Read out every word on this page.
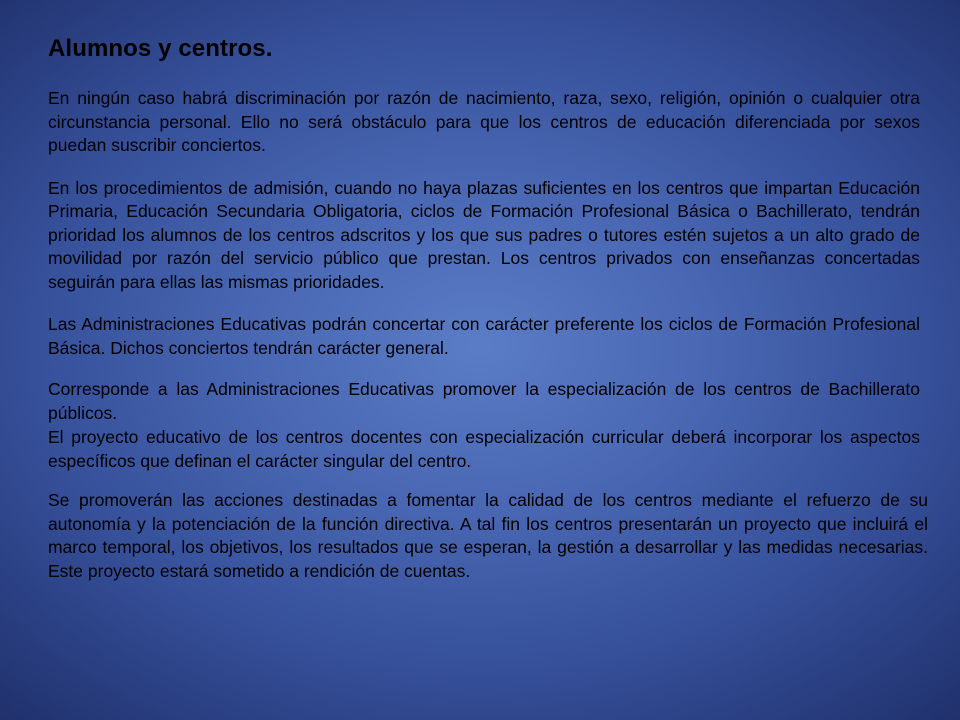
Alumnos y centros.

En ningún caso habrá discriminación por razón de nacimiento, raza, sexo, religión, opinión o cualquier otra circunstancia personal. Ello no será obstáculo para que los centros de educación diferenciada por sexos puedan suscribir conciertos.

En los procedimientos de admisión, cuando no haya plazas suficientes en los centros que impartan Educación Primaria, Educación Secundaria Obligatoria, ciclos de Formación Profesional Básica o Bachillerato, tendrán prioridad los alumnos de los centros adscritos y los que sus padres o tutores estén sujetos a un alto grado de movilidad por razón del servicio público que prestan. Los centros privados con enseñanzas concertadas seguirán para ellas las mismas prioridades.

Las Administraciones Educativas podrán concertar con carácter preferente los ciclos de Formación Profesional Básica. Dichos conciertos tendrán carácter general.

Corresponde a las Administraciones Educativas promover la especialización de los centros de Bachillerato públicos.

El proyecto educativo de los centros docentes con especialización curricular deberá incorporar los aspectos específicos que definan el carácter singular del centro.

Se promoverán las acciones destinadas a fomentar la calidad de los centros mediante el refuerzo de su autonomía y la potenciación de la función directiva. A tal fin los centros presentarán un proyecto que incluirá el marco temporal, los objetivos, los resultados que se esperan, la gestión a desarrollar y las medidas necesarias. Este proyecto estará sometido a rendición de cuentas.
